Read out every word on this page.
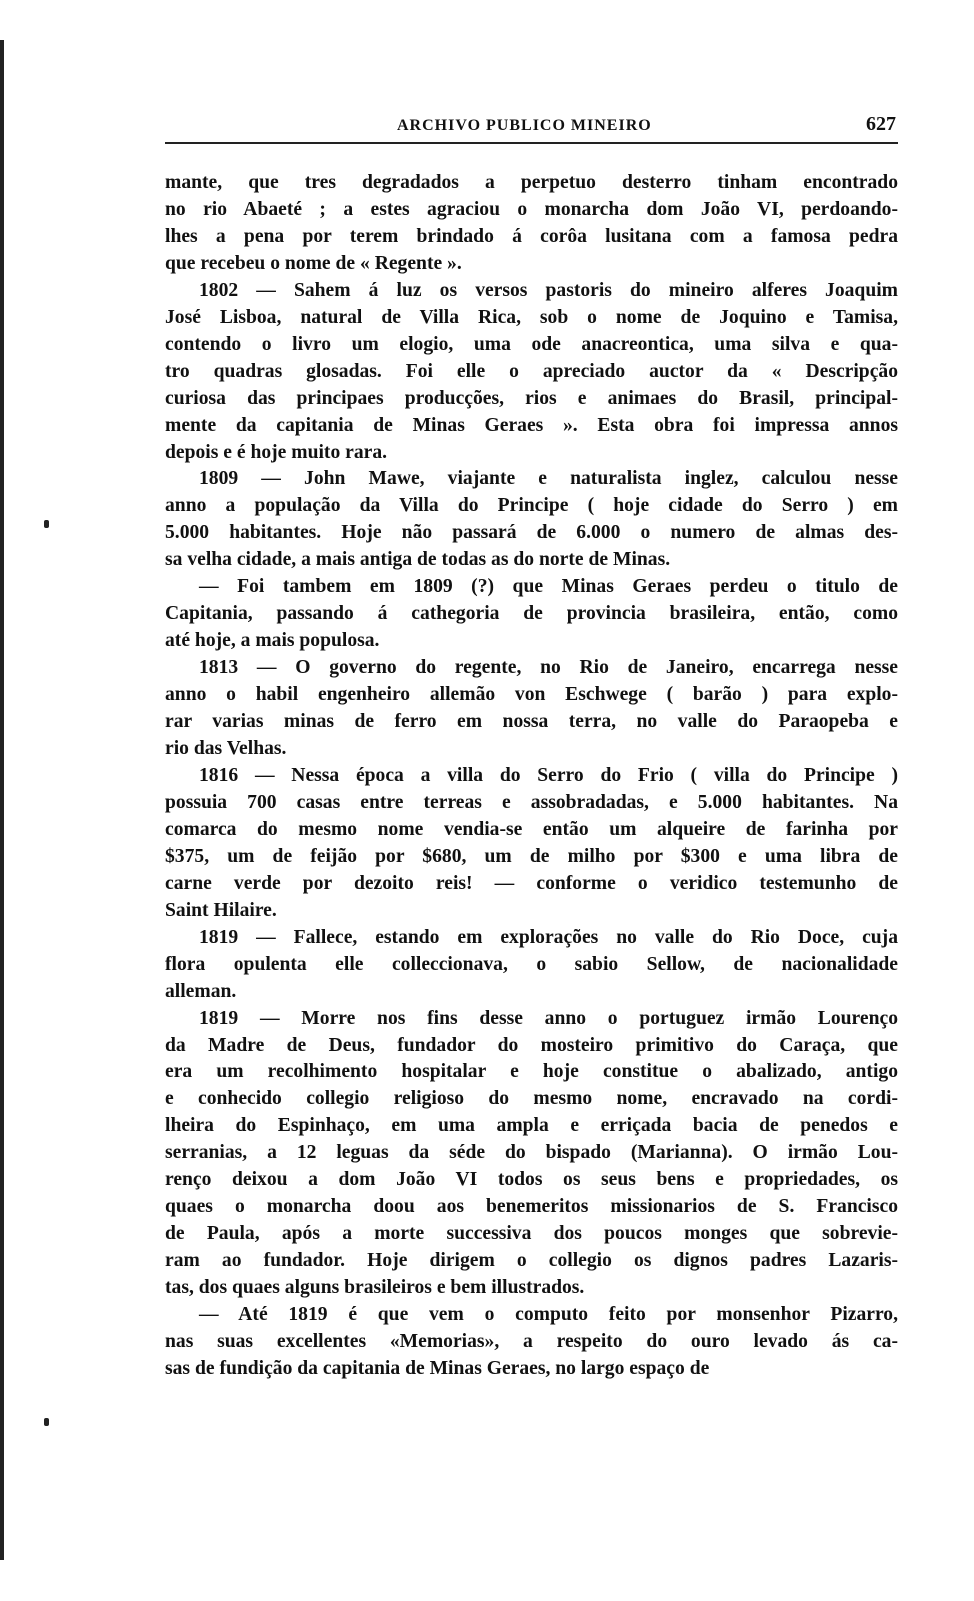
ARCHIVO PUBLICO MINEIRO	627
mante, que tres degradados a perpetuo desterro tinham encontrado
no rio Abaeté ; a estes agraciou o monarcha dom João VI, perdoando-
lhes a pena por terem brindado á corôa lusitana com a famosa pedra
que recebeu o nome de « Regente ».
1802 — Sahem á luz os versos pastoris do mineiro alferes Joaquim
José Lisboa, natural de Villa Rica, sob o nome de Joquino e Tamisa,
contendo o livro um elogio, uma ode anacreontica, uma silva e qua-
tro quadras glosadas. Foi elle o apreciado auctor da « Descripção
curiosa das principaes producções, rios e animaes do Brasil, principal-
mente da capitania de Minas Geraes ». Esta obra foi impressa annos
depois e é hoje muito rara.
1809 — John Mawe, viajante e naturalista inglez, calculou nesse
anno a população da Villa do Principe ( hoje cidade do Serro ) em
5.000 habitantes. Hoje não passará de 6.000 o numero de almas des-
sa velha cidade, a mais antiga de todas as do norte de Minas.
— Foi tambem em 1809 (?) que Minas Geraes perdeu o titulo de
Capitania, passando á cathegoria de provincia brasileira, então, como
até hoje, a mais populosa.
1813 — O governo do regente, no Rio de Janeiro, encarrega nesse
anno o habil engenheiro allemão von Eschwege ( barão ) para explo-
rar varias minas de ferro em nossa terra, no valle do Paraopeba e
rio das Velhas.
1816 — Nessa época a villa do Serro do Frio ( villa do Principe )
possuia 700 casas entre terreas e assobradadas, e 5.000 habitantes. Na
comarca do mesmo nome vendia-se então um alqueire de farinha por
$375, um de feijão por $680, um de milho por $300 e uma libra de
carne verde por dezoito reis! — conforme o veridico testemunho de
Saint Hilaire.
1819 — Fallece, estando em explorações no valle do Rio Doce, cuja
flora opulenta elle colleccionava, o sabio Sellow, de nacionalidade
alleman.
1819 — Morre nos fins desse anno o portuguez irmão Lourenço
da Madre de Deus, fundador do mosteiro primitivo do Caraça, que
era um recolhimento hospitalar e hoje constitue o abalizado, antigo
e conhecido collegio religioso do mesmo nome, encravado na cordi-
lheira do Espinhaço, em uma ampla e erriçada bacia de penedos e
serranias, a 12 leguas da séde do bispado (Marianna). O irmão Lou-
renço deixou a dom João VI todos os seus bens e propriedades, os
quaes o monarcha doou aos benemeritos missionarios de S. Francisco
de Paula, após a morte successiva dos poucos monges que sobrevie-
ram ao fundador. Hoje dirigem o collegio os dignos padres Lazaris-
tas, dos quaes alguns brasileiros e bem illustrados.
— Até 1819 é que vem o computo feito por monsenhor Pizarro,
nas suas excellentes «Memorias», a respeito do ouro levado ás ca-
sas de fundição da capitania de Minas Geraes, no largo espaço de
